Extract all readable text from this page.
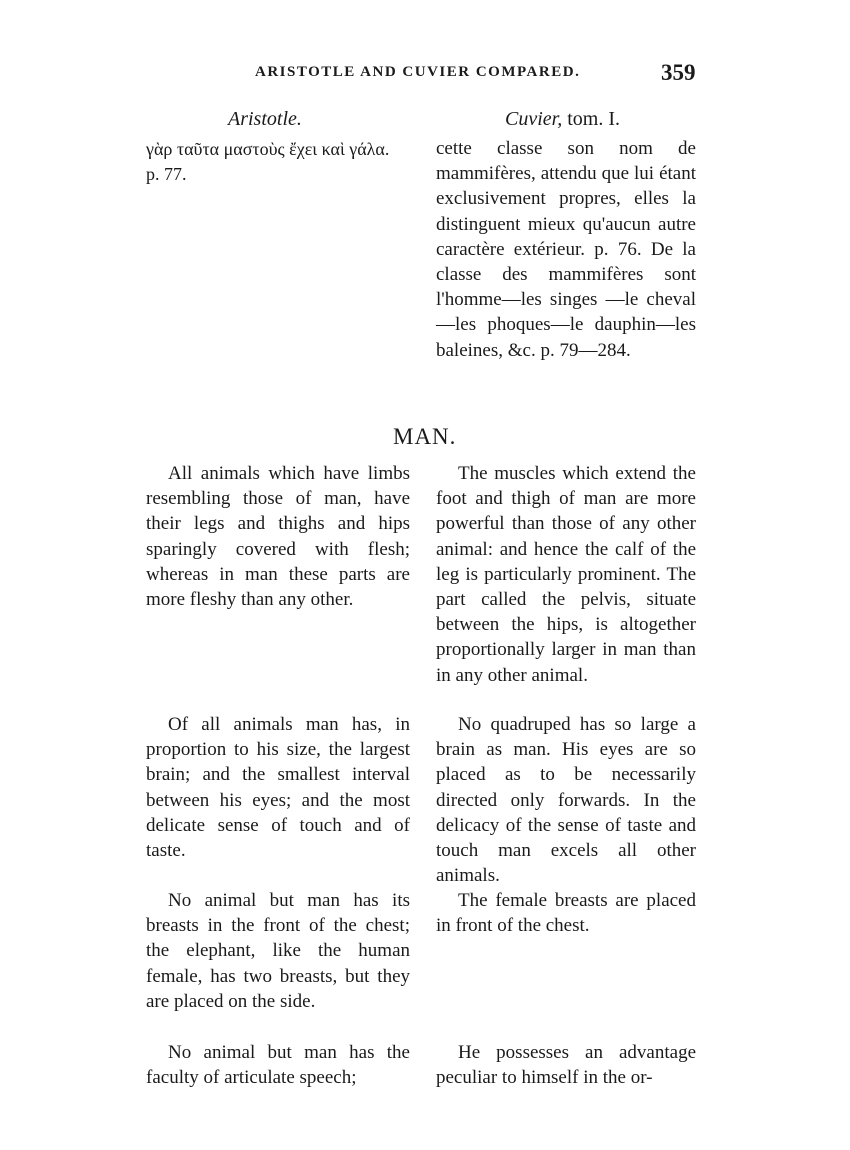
ARISTOTLE AND CUVIER COMPARED.	359
Aristotle.	Cuvier, tom. I.
γὰρ ταῦτα μαστοὺς ἔχει καὶ γάλα.
p. 77.

cette classe son nom de mammifères, attendu que lui étant exclusivement propres, elles la distinguent mieux qu'aucun autre caractère extérieur. p. 76. De la classe des mammifères sont l'homme—les singes —le cheval—les phoques—le dauphin—les baleines, &c. p. 79—284.

MAN.

All animals which have limbs resembling those of man, have their legs and thighs and hips sparingly covered with flesh; whereas in man these parts are more fleshy than any other.

The muscles which extend the foot and thigh of man are more powerful than those of any other animal: and hence the calf of the leg is particularly prominent. The part called the pelvis, situate between the hips, is altogether proportionally larger in man than in any other animal.

Of all animals man has, in proportion to his size, the largest brain; and the smallest interval between his eyes; and the most delicate sense of touch and of taste.

No quadruped has so large a brain as man. His eyes are so placed as to be necessarily directed only forwards. In the delicacy of the sense of taste and touch man excels all other animals.

No animal but man has its breasts in the front of the chest; the elephant, like the human female, has two breasts, but they are placed on the side.

The female breasts are placed in front of the chest.

No animal but man has the faculty of articulate speech;

He possesses an advantage peculiar to himself in the or-
